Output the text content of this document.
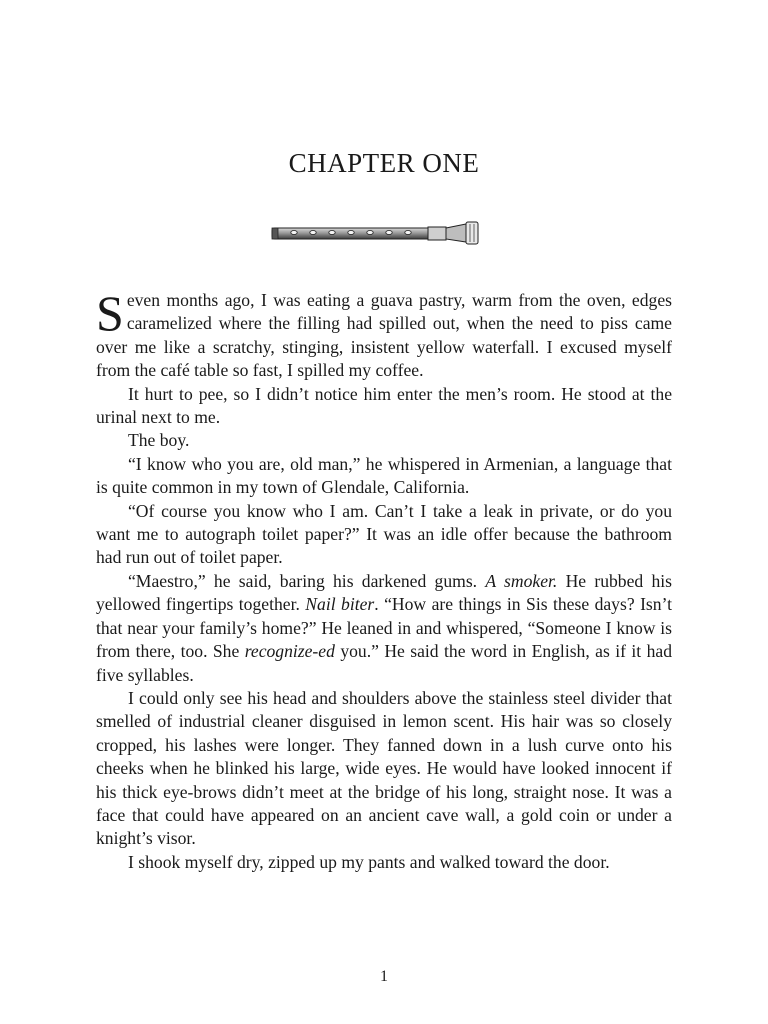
CHAPTER ONE

Seven months ago, I was eating a guava pastry, warm from the oven, edges caramelized where the filling had spilled out, when the need to piss came over me like a scratchy, stinging, insistent yellow waterfall. I excused myself from the café table so fast, I spilled my coffee.

It hurt to pee, so I didn’t notice him enter the men’s room. He stood at the urinal next to me.

The boy.

“I know who you are, old man,” he whispered in Armenian, a language that is quite common in my town of Glendale, California.

“Of course you know who I am. Can’t I take a leak in private, or do you want me to autograph toilet paper?” It was an idle offer because the bathroom had run out of toilet paper.

“Maestro,” he said, baring his darkened gums. A smoker. He rubbed his yellowed fingertips together. Nail biter. “How are things in Sis these days? Isn’t that near your family’s home?” He leaned in and whispered, “Someone I know is from there, too. She recognize-ed you.” He said the word in English, as if it had five syllables.

I could only see his head and shoulders above the stainless steel divider that smelled of industrial cleaner disguised in lemon scent. His hair was so closely cropped, his lashes were longer. They fanned down in a lush curve onto his cheeks when he blinked his large, wide eyes. He would have looked innocent if his thick eye-brows didn’t meet at the bridge of his long, straight nose. It was a face that could have appeared on an ancient cave wall, a gold coin or under a knight’s visor.

I shook myself dry, zipped up my pants and walked toward the door.

1
